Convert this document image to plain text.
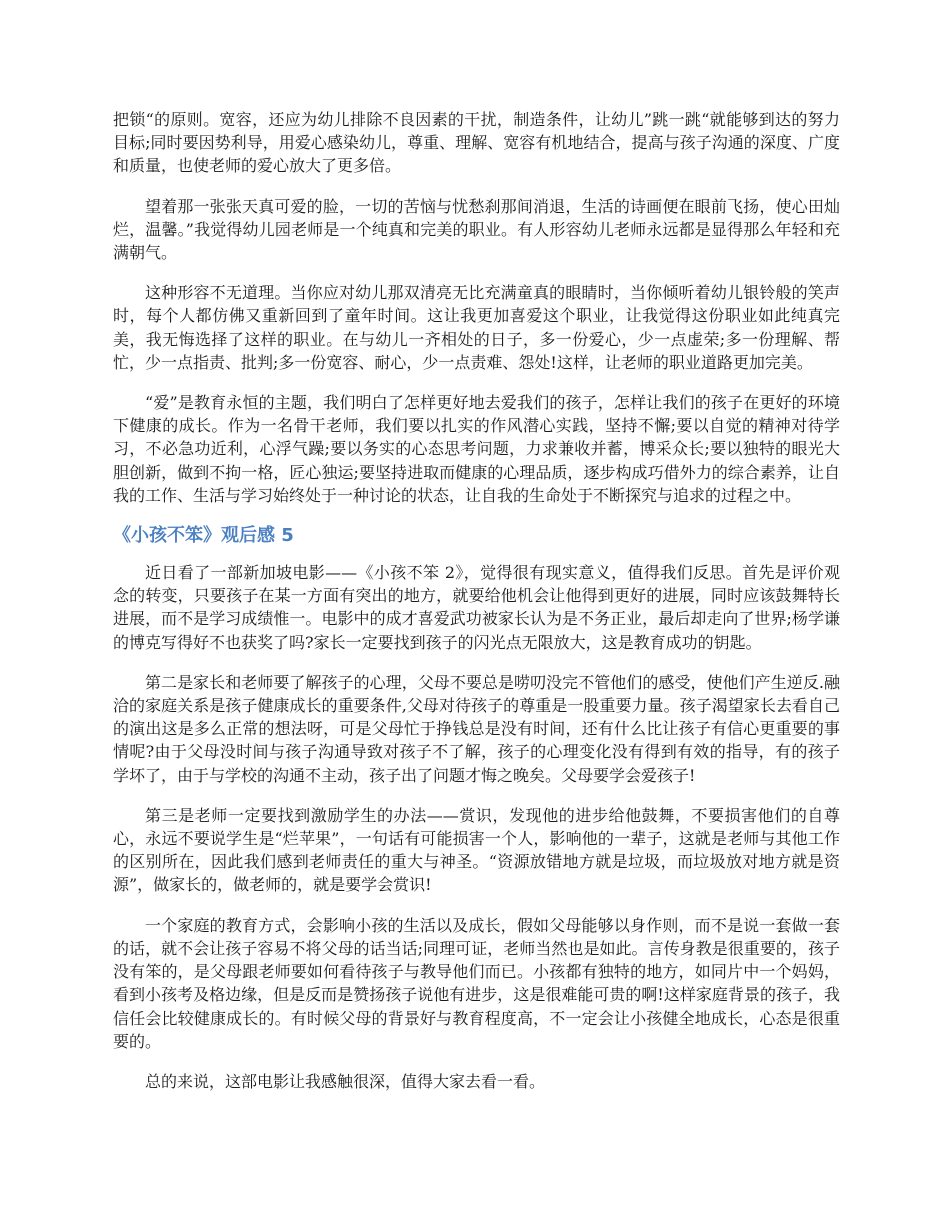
把锁“的原则。宽容，还应为幼儿排除不良因素的干扰，制造条件，让幼儿”跳一跳“就能够到达的努力目标;同时要因势利导，用爱心感染幼儿，尊重、理解、宽容有机地结合，提高与孩子沟通的深度、广度和质量，也使老师的爱心放大了更多倍。

望着那一张张天真可爱的脸，一切的苦恼与忧愁刹那间消退，生活的诗画便在眼前飞扬，使心田灿烂，温馨。”我觉得幼儿园老师是一个纯真和完美的职业。有人形容幼儿老师永远都是显得那么年轻和充满朝气。

这种形容不无道理。当你应对幼儿那双清亮无比充满童真的眼睛时，当你倾听着幼儿银铃般的笑声时，每个人都仿佛又重新回到了童年时间。这让我更加喜爱这个职业，让我觉得这份职业如此纯真完美，我无悔选择了这样的职业。在与幼儿一齐相处的日子，多一份爱心，少一点虚荣;多一份理解、帮忙，少一点指责、批判;多一份宽容、耐心，少一点责难、怨处!这样，让老师的职业道路更加完美。

“爱”是教育永恒的主题，我们明白了怎样更好地去爱我们的孩子，怎样让我们的孩子在更好的环境下健康的成长。作为一名骨干老师，我们要以扎实的作风潜心实践，坚持不懈;要以自觉的精神对待学习，不必急功近利，心浮气躁;要以务实的心态思考问题，力求兼收并蓄，博采众长;要以独特的眼光大胆创新，做到不拘一格，匠心独运;要坚持进取而健康的心理品质，逐步构成巧借外力的综合素养，让自我的工作、生活与学习始终处于一种讨论的状态，让自我的生命处于不断探究与追求的过程之中。

《小孩不笨》观后感 5

近日看了一部新加坡电影——《小孩不笨 2》，觉得很有现实意义，值得我们反思。首先是评价观念的转变，只要孩子在某一方面有突出的地方，就要给他机会让他得到更好的进展，同时应该鼓舞特长进展，而不是学习成绩惟一。电影中的成才喜爱武功被家长认为是不务正业，最后却走向了世界;杨学谦的博克写得好不也获奖了吗?家长一定要找到孩子的闪光点无限放大，这是教育成功的钥匙。

第二是家长和老师要了解孩子的心理，父母不要总是唠叨没完不管他们的感受，使他们产生逆反.融洽的家庭关系是孩子健康成长的重要条件,父母对待孩子的尊重是一股重要力量。孩子渴望家长去看自己的演出这是多么正常的想法呀，可是父母忙于挣钱总是没有时间，还有什么比让孩子有信心更重要的事情呢?由于父母没时间与孩子沟通导致对孩子不了解，孩子的心理变化没有得到有效的指导，有的孩子学坏了，由于与学校的沟通不主动，孩子出了问题才悔之晚矣。父母要学会爱孩子!

第三是老师一定要找到激励学生的办法——赏识，发现他的进步给他鼓舞，不要损害他们的自尊心，永远不要说学生是“烂苹果”，一句话有可能损害一个人，影响他的一辈子，这就是老师与其他工作的区别所在，因此我们感到老师责任的重大与神圣。“资源放错地方就是垃圾，而垃圾放对地方就是资源”，做家长的，做老师的，就是要学会赏识!

一个家庭的教育方式，会影响小孩的生活以及成长，假如父母能够以身作则，而不是说一套做一套的话，就不会让孩子容易不将父母的话当话;同理可证，老师当然也是如此。言传身教是很重要的，孩子没有笨的，是父母跟老师要如何看待孩子与教导他们而已。小孩都有独特的地方，如同片中一个妈妈，看到小孩考及格边缘，但是反而是赞扬孩子说他有进步，这是很难能可贵的啊!这样家庭背景的孩子，我信任会比较健康成长的。有时候父母的背景好与教育程度高，不一定会让小孩健全地成长，心态是很重要的。

总的来说，这部电影让我感触很深，值得大家去看一看。
